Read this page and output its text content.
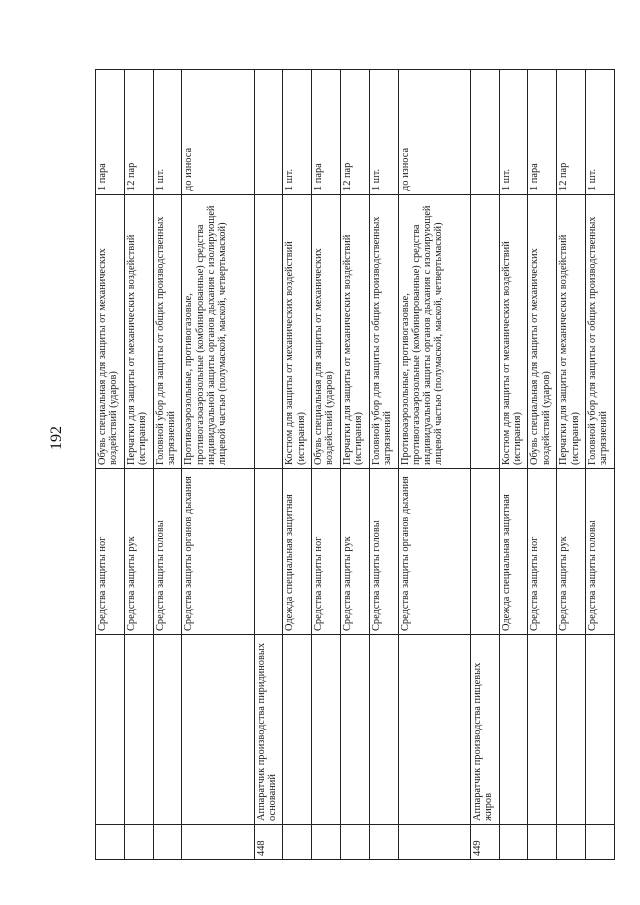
192
		Средства защиты ног	Обувь специальная для защиты от механических воздействий (ударов)	1 пара
		Средства защиты рук	Перчатки для защиты от механических воздействий (истирания)	12 пар
		Средства защиты головы	Головной убор для защиты от общих производственных загрязнений	1 шт.
		Средства защиты органов дыхания	Противоаэрозольные, противогазовые, противогазоаэрозольные (комбинированные) средства индивидуальной защиты органов дыхания с изолирующей лицевой частью (полумаской, маской, четвертьмаской)	до износа
448	Аппаратчик производства пиридиновых оснований			
		Одежда специальная защитная	Костюм для защиты от механических воздействий (истирания)	1 шт.
		Средства защиты ног	Обувь специальная для защиты от механических воздействий (ударов)	1 пара
		Средства защиты рук	Перчатки для защиты от механических воздействий (истирания)	12 пар
		Средства защиты головы	Головной убор для защиты от общих производственных загрязнений	1 шт.
		Средства защиты органов дыхания	Противоаэрозольные, противогазовые, противогазоаэрозольные (комбинированные) средства индивидуальной защиты органов дыхания с изолирующей лицевой частью (полумаской, маской, четвертьмаской)	до износа
449	Аппаратчик производства пищевых жиров			
		Одежда специальная защитная	Костюм для защиты от механических воздействий (истирания)	1 шт.
		Средства защиты ног	Обувь специальная для защиты от механических воздействий (ударов)	1 пара
		Средства защиты рук	Перчатки для защиты от механических воздействий (истирания)	12 пар
		Средства защиты головы	Головной убор для защиты от общих производственных загрязнений	1 шт.
